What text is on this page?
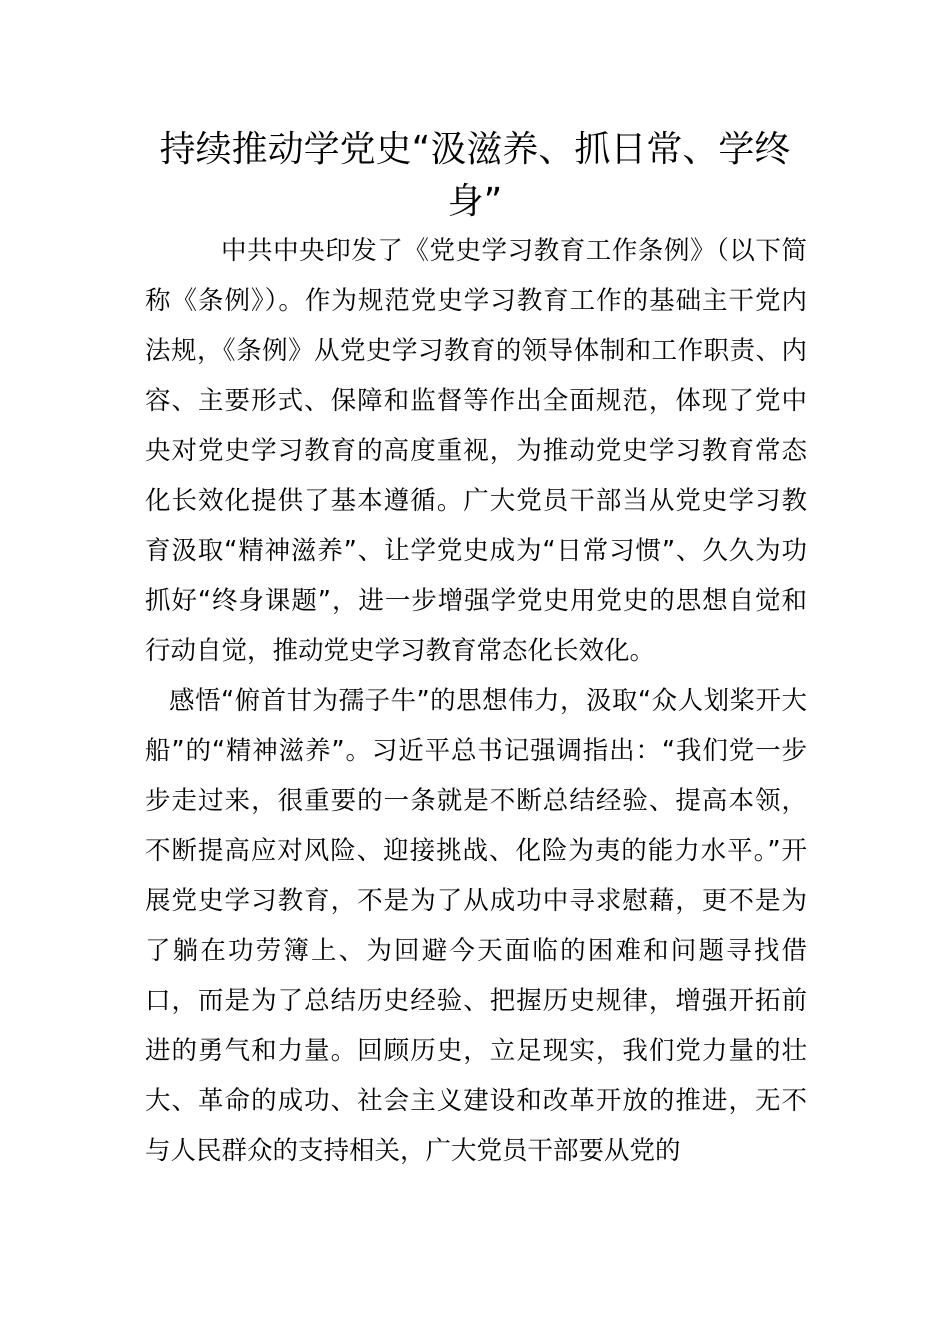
持续推动学党史“汲滋养、抓日常、学终身”

中共中央印发了《党史学习教育工作条例》（以下简称《条例》）。作为规范党史学习教育工作的基础主干党内法规，《条例》从党史学习教育的领导体制和工作职责、内容、主要形式、保障和监督等作出全面规范，体现了党中央对党史学习教育的高度重视，为推动党史学习教育常态化长效化提供了基本遵循。广大党员干部当从党史学习教育汲取“精神滋养”、让学党史成为“日常习惯”、久久为功抓好“终身课题”，进一步增强学党史用党史的思想自觉和行动自觉，推动党史学习教育常态化长效化。

感悟“俯首甘为孺子牛”的思想伟力，汲取“众人划桨开大船”的“精神滋养”。习近平总书记强调指出：“我们党一步步走过来，很重要的一条就是不断总结经验、提高本领，不断提高应对风险、迎接挑战、化险为夷的能力水平。”开展党史学习教育，不是为了从成功中寻求慰藉，更不是为了躺在功劳簿上、为回避今天面临的困难和问题寻找借口，而是为了总结历史经验、把握历史规律，增强开拓前进的勇气和力量。回顾历史，立足现实，我们党力量的壮大、革命的成功、社会主义建设和改革开放的推进，无不与人民群众的支持相关，广大党员干部要从党的
